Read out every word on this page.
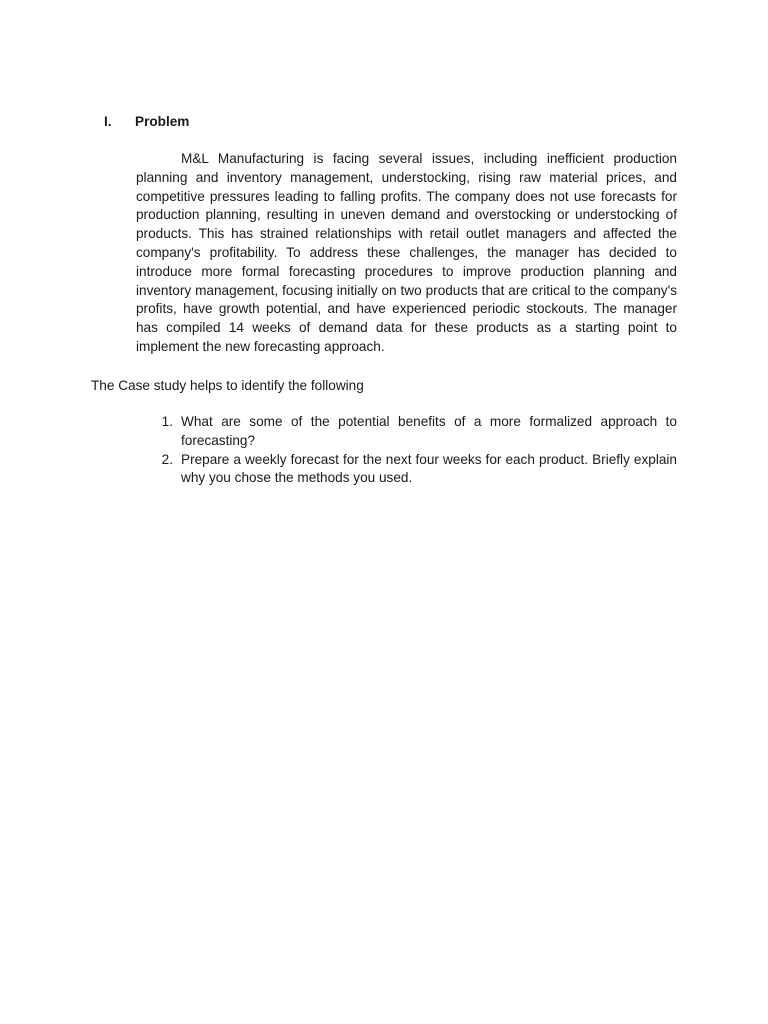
I.	Problem

M&L Manufacturing is facing several issues, including inefficient production planning and inventory management, understocking, rising raw material prices, and competitive pressures leading to falling profits. The company does not use forecasts for production planning, resulting in uneven demand and overstocking or understocking of products. This has strained relationships with retail outlet managers and affected the company's profitability. To address these challenges, the manager has decided to introduce more formal forecasting procedures to improve production planning and inventory management, focusing initially on two products that are critical to the company's profits, have growth potential, and have experienced periodic stockouts. The manager has compiled 14 weeks of demand data for these products as a starting point to implement the new forecasting approach.

The Case study helps to identify the following

1. What are some of the potential benefits of a more formalized approach to forecasting?
2. Prepare a weekly forecast for the next four weeks for each product. Briefly explain why you chose the methods you used.
